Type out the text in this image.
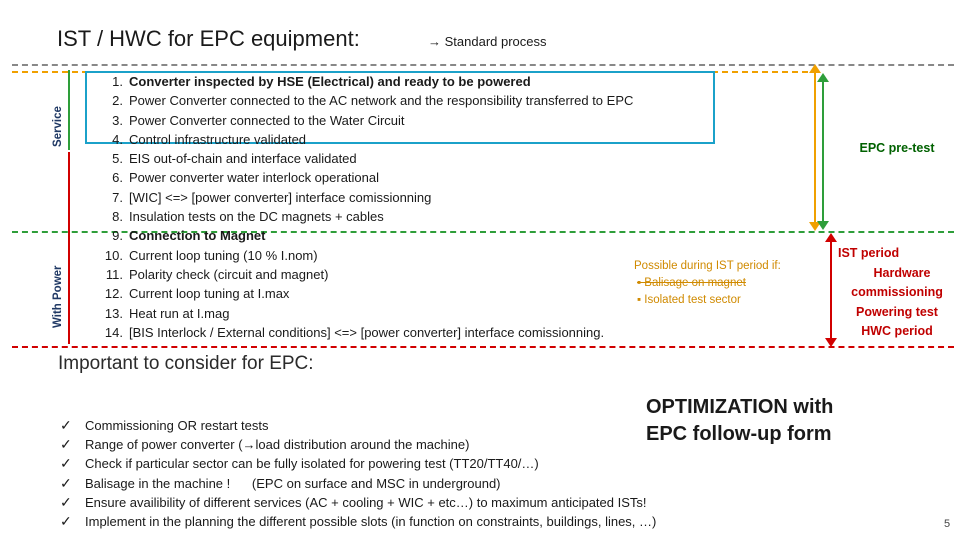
IST / HWC for EPC equipment:	→ Standard process
Service
With Power
1. Converter inspected by HSE (Electrical) and ready to be powered
2. Power Converter connected to the AC network and the responsibility transferred to EPC
3. Power Converter connected to the Water Circuit
4. Control infrastructure validated
5. EIS out-of-chain and interface validated
6. Power converter water interlock operational
7. [WIC] <=> [power converter] interface comissionning
8. Insulation tests on the DC magnets + cables
9. Connection to Magnet
10. Current loop tuning (10 % I.nom)
11. Polarity check (circuit and magnet)
12. Current loop tuning at I.max
13. Heat run at I.mag
14. [BIS Interlock / External conditions] <=> [power converter] interface comissionning.
Possible during IST period if:
▪ Balisage on magnet
▪ Isolated test sector
EPC pre-test
IST period
Hardware
commissioning
Powering test
HWC period
Important to consider for EPC:
OPTIMIZATION with
EPC follow-up form
✓	Commissioning OR restart tests
✓	Range of power converter (→load distribution around the machine)
✓	Check if particular sector can be fully isolated for powering test (TT20/TT40/…)
✓	Balisage in the machine !      (EPC on surface and MSC in underground)
✓	Ensure availibility of different services (AC + cooling + WIC + etc…) to maximum anticipated ISTs!
✓	Implement in the planning the different possible slots (in function on constraints, buildings, lines, …)	5
